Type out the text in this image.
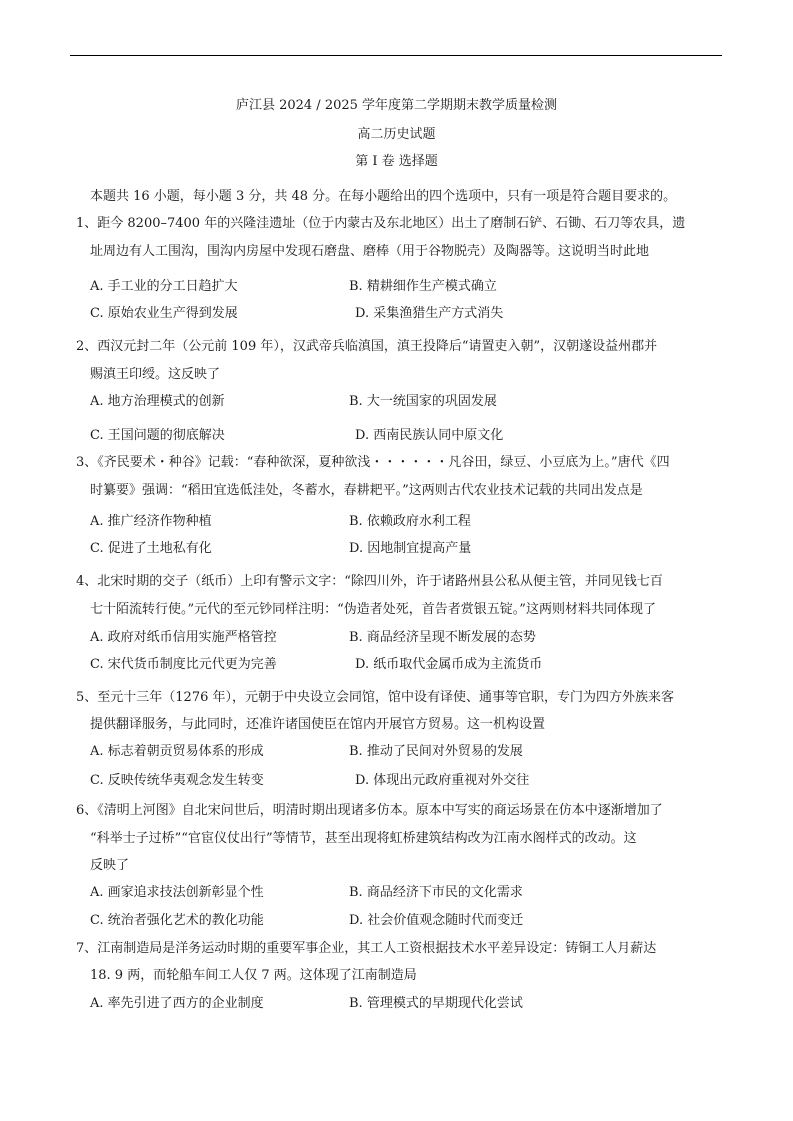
庐江县 2024 / 2025 学年度第二学期期末教学质量检测
高二历史试题
第 Ⅰ 卷 选择题
本题共 16 小题，每小题 3 分，共 48 分。在每小题给出的四个选项中，只有一项是符合题目要求的。
1、距今 8200–7400 年的兴隆洼遗址（位于内蒙古及东北地区）出土了磨制石铲、石锄、石刀等农具，遗
址周边有人工围沟，围沟内房屋中发现石磨盘、磨棒（用于谷物脱壳）及陶器等。这说明当时此地
A. 手工业的分工日趋扩大	B. 精耕细作生产模式确立
C. 原始农业生产得到发展	D. 采集渔猎生产方式消失
2、西汉元封二年（公元前 109 年），汉武帝兵临滇国，滇王投降后“请置吏入朝”，汉朝遂设益州郡并
赐滇王印绶。这反映了
A. 地方治理模式的创新	B. 大一统国家的巩固发展
C. 王国问题的彻底解决	D. 西南民族认同中原文化
3、《齐民要术・种谷》记载：“春种欲深，夏种欲浅・・・・・・凡谷田，绿豆、小豆底为上。”唐代《四
时纂要》强调：“稻田宜选低洼处，冬蓄水，春耕耙平。”这两则古代农业技术记载的共同出发点是
A. 推广经济作物种植	B. 依赖政府水利工程
C. 促进了土地私有化	D. 因地制宜提高产量
4、北宋时期的交子（纸币）上印有警示文字：“除四川外，许于诸路州县公私从便主管，并同见钱七百
七十陌流转行使。”元代的至元钞同样注明：“伪造者处死，首告者赏银五锭。”这两则材料共同体现了
A. 政府对纸币信用实施严格管控	B. 商品经济呈现不断发展的态势
C. 宋代货币制度比元代更为完善	D. 纸币取代金属币成为主流货币
5、至元十三年（1276 年），元朝于中央设立会同馆，馆中设有译使、通事等官职，专门为四方外族来客
提供翻译服务，与此同时，还准许诸国使臣在馆内开展官方贸易。这一机构设置
A. 标志着朝贡贸易体系的形成	B. 推动了民间对外贸易的发展
C. 反映传统华夷观念发生转变	D. 体现出元政府重视对外交往
6、《清明上河图》自北宋问世后，明清时期出现诸多仿本。原本中写实的商运场景在仿本中逐渐增加了
“科举士子过桥”“官宦仪仗出行”等情节，甚至出现将虹桥建筑结构改为江南水阁样式的改动。这
反映了
A. 画家追求技法创新彰显个性	B. 商品经济下市民的文化需求
C. 统治者强化艺术的教化功能	D. 社会价值观念随时代而变迁
7、江南制造局是洋务运动时期的重要军事企业，其工人工资根据技术水平差异设定：铸铜工人月薪达
18. 9 两，而轮船车间工人仅 7 两。这体现了江南制造局
A. 率先引进了西方的企业制度	B. 管理模式的早期现代化尝试
